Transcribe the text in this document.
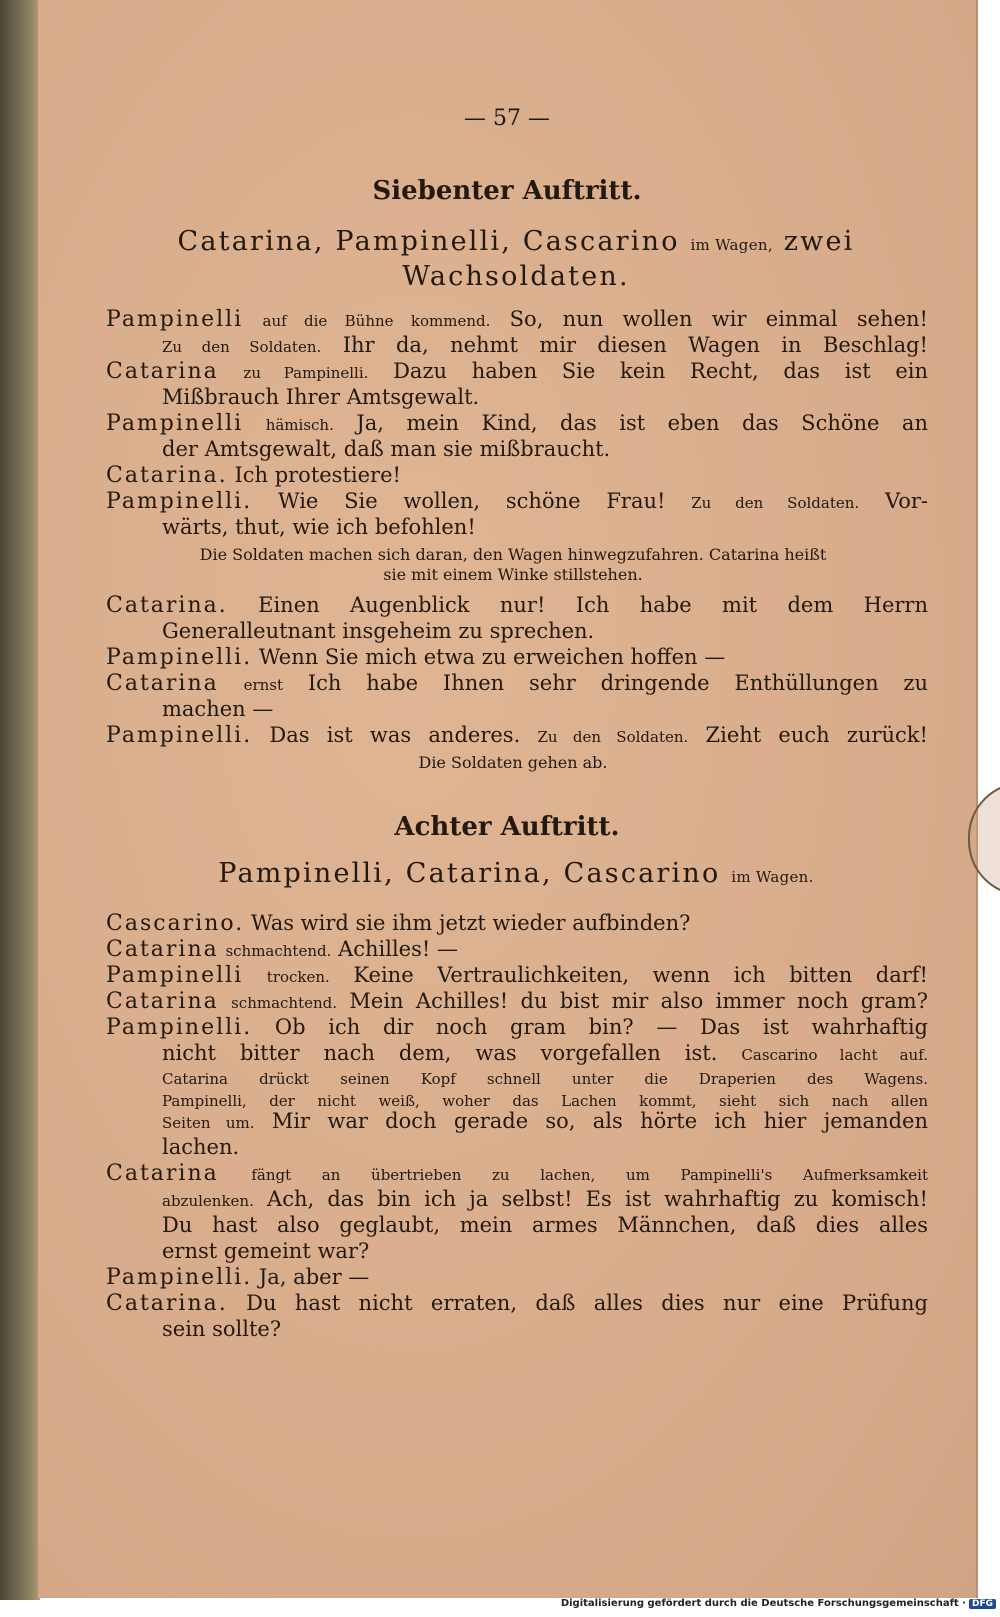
— 57 —
Siebenter Auftritt.
Catarina, Pampinelli, Cascarino im Wagen, zwei
Wachsoldaten.
Pampinelli auf die Bühne kommend. So, nun wollen wir einmal sehen!
Zu den Soldaten. Ihr da, nehmt mir diesen Wagen in Beschlag!
Catarina zu Pampinelli. Dazu haben Sie kein Recht, das ist ein
Mißbrauch Ihrer Amtsgewalt.
Pampinelli hämisch. Ja, mein Kind, das ist eben das Schöne an
der Amtsgewalt, daß man sie mißbraucht.
Catarina. Ich protestiere!
Pampinelli. Wie Sie wollen, schöne Frau! Zu den Soldaten. Vor-
wärts, thut, wie ich befohlen!
Die Soldaten machen sich daran, den Wagen hinwegzufahren. Catarina heißt
sie mit einem Winke stillstehen.
Catarina. Einen Augenblick nur! Ich habe mit dem Herrn
Generalleutnant insgeheim zu sprechen.
Pampinelli. Wenn Sie mich etwa zu erweichen hoffen —
Catarina ernst Ich habe Ihnen sehr dringende Enthüllungen zu
machen —
Pampinelli. Das ist was anderes. Zu den Soldaten. Zieht euch zurück!
Die Soldaten gehen ab.
Achter Auftritt.
Pampinelli, Catarina, Cascarino im Wagen.
Cascarino. Was wird sie ihm jetzt wieder aufbinden?
Catarina schmachtend. Achilles! —
Pampinelli trocken. Keine Vertraulichkeiten, wenn ich bitten darf!
Catarina schmachtend. Mein Achilles! du bist mir also immer noch gram?
Pampinelli. Ob ich dir noch gram bin? — Das ist wahrhaftig
nicht bitter nach dem, was vorgefallen ist. Cascarino lacht auf.
Catarina drückt seinen Kopf schnell unter die Draperien des Wagens.
Pampinelli, der nicht weiß, woher das Lachen kommt, sieht sich nach allen
Seiten um. Mir war doch gerade so, als hörte ich hier jemanden
lachen.
Catarina fängt an übertrieben zu lachen, um Pampinelli's Aufmerksamkeit
abzulenken. Ach, das bin ich ja selbst! Es ist wahrhaftig zu komisch!
Du hast also geglaubt, mein armes Männchen, daß dies alles
ernst gemeint war?
Pampinelli. Ja, aber —
Catarina. Du hast nicht erraten, daß alles dies nur eine Prüfung
sein sollte?
Digitalisierung gefördert durch die Deutsche Forschungsgemeinschaft · DFG
